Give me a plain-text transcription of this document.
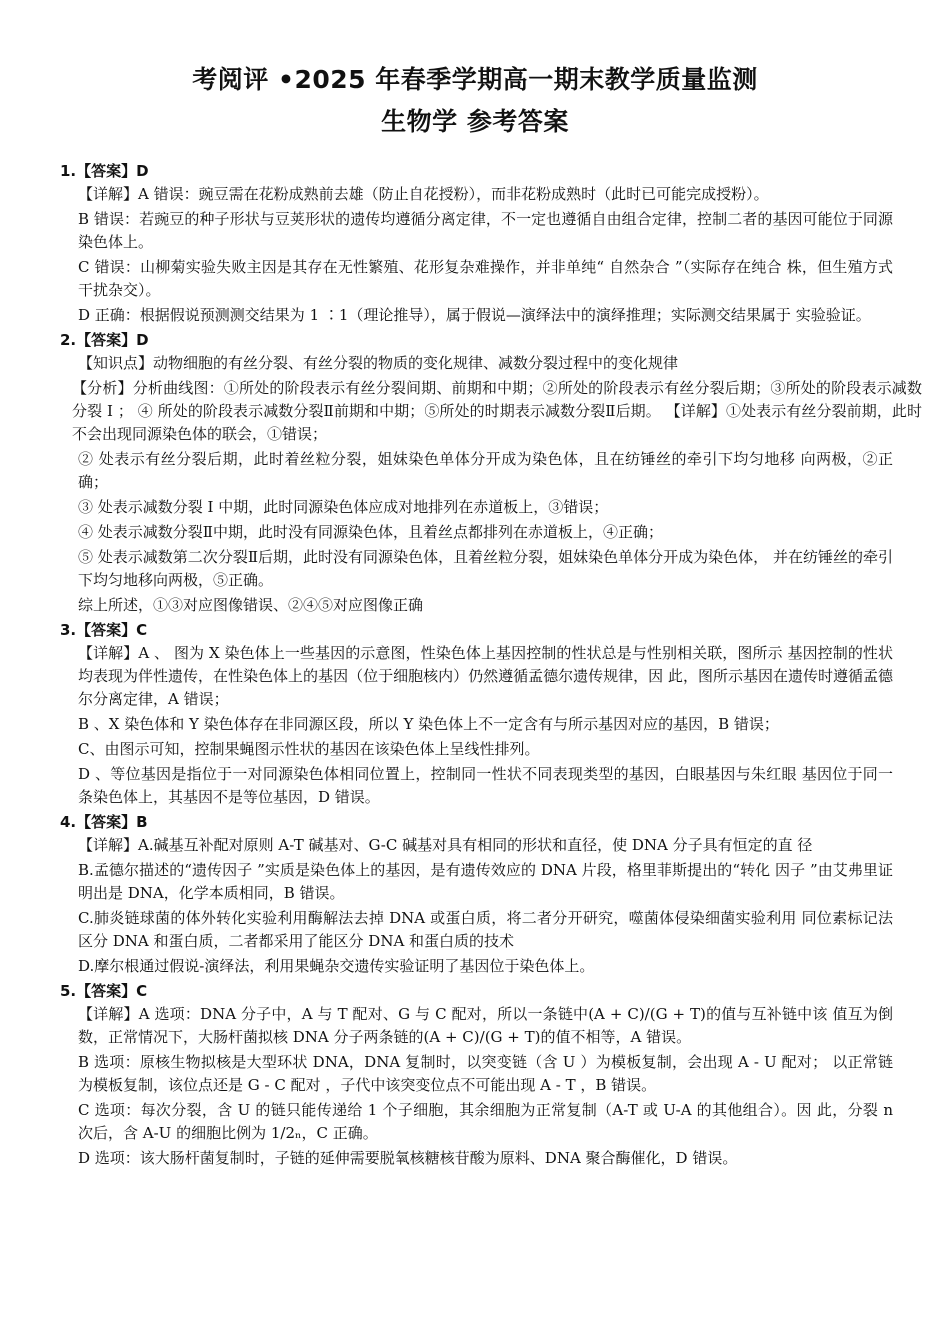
考阅评 •2025 年春季学期高一期末教学质量监测
生物学 参考答案
1.【答案】D

【详解】A 错误：豌豆需在花粉成熟前去雄（防止自花授粉），而非花粉成熟时（此时已可能完成授粉）。

B 错误：若豌豆的种子形状与豆荚形状的遗传均遵循分离定律，不一定也遵循自由组合定律，控制二者的基因可能位于同源染色体上。

C 错误：山柳菊实验失败主因是其存在无性繁殖、花形复杂难操作，并非单纯“ 自然杂合 ”（实际存在纯合 株，但生殖方式干扰杂交）。

D 正确：根据假说预测测交结果为 1 ∶1（理论推导），属于假说—演绎法中的演绎推理；实际测交结果属于 实验验证。

2.【答案】D

【知识点】动物细胞的有丝分裂、有丝分裂的物质的变化规律、减数分裂过程中的变化规律

【分析】分析曲线图：①所处的阶段表示有丝分裂间期、前期和中期；②所处的阶段表示有丝分裂后期；③所处的阶段表示减数分裂 Ⅰ ； ④ 所处的阶段表示减数分裂Ⅱ前期和中期；⑤所处的时期表示减数分裂Ⅱ后期。 【详解】①处表示有丝分裂前期，此时不会出现同源染色体的联会，①错误；

② 处表示有丝分裂后期，此时着丝粒分裂，姐妹染色单体分开成为染色体，且在纺锤丝的牵引下均匀地移 向两极，②正确；

③ 处表示减数分裂 Ⅰ 中期，此时同源染色体应成对地排列在赤道板上，③错误；

④ 处表示减数分裂Ⅱ中期，此时没有同源染色体，且着丝点都排列在赤道板上，④正确；

⑤ 处表示减数第二次分裂Ⅱ后期，此时没有同源染色体，且着丝粒分裂，姐妹染色单体分开成为染色体， 并在纺锤丝的牵引下均匀地移向两极，⑤正确。

综上所述，①③对应图像错误、②④⑤对应图像正确

3.【答案】C

【详解】A 、 图为 X 染色体上一些基因的示意图，性染色体上基因控制的性状总是与性别相关联，图所示 基因控制的性状均表现为伴性遗传，在性染色体上的基因（位于细胞核内）仍然遵循孟德尔遗传规律，因 此，图所示基因在遗传时遵循孟德尔分离定律，A 错误；

B 、X 染色体和 Y 染色体存在非同源区段，所以 Y 染色体上不一定含有与所示基因对应的基因，B 错误；

C、由图示可知，控制果蝇图示性状的基因在该染色体上呈线性排列。

D 、等位基因是指位于一对同源染色体相同位置上，控制同一性状不同表现类型的基因，白眼基因与朱红眼 基因位于同一条染色体上，其基因不是等位基因，D 错误。

4.【答案】B

【详解】A.碱基互补配对原则 A-T 碱基对、G-C 碱基对具有相同的形状和直径，使 DNA 分子具有恒定的直 径

B.孟德尔描述的“遗传因子 ”实质是染色体上的基因，是有遗传效应的 DNA 片段，格里菲斯提出的“转化 因子 ”由艾弗里证明出是 DNA，化学本质相同，B 错误。

C.肺炎链球菌的体外转化实验利用酶解法去掉 DNA 或蛋白质，将二者分开研究，噬菌体侵染细菌实验利用 同位素标记法区分 DNA 和蛋白质，二者都采用了能区分 DNA 和蛋白质的技术

D.摩尔根通过假说-演绎法，利用果蝇杂交遗传实验证明了基因位于染色体上。

5.【答案】C

【详解】A 选项：DNA 分子中，A 与 T 配对、G 与 C 配对，所以一条链中(A + C)/(G + T)的值与互补链中该 值互为倒数，正常情况下，大肠杆菌拟核 DNA 分子两条链的(A + C)/(G + T)的值不相等，A 错误。

B 选项：原核生物拟核是大型环状 DNA，DNA 复制时，以突变链（含 U ）为模板复制，会出现 A - U 配对； 以正常链为模板复制，该位点还是 G - C 配对 ，子代中该突变位点不可能出现 A - T ，B 错误。

C 选项：每次分裂，含 U 的链只能传递给 1 个子细胞，其余细胞为正常复制（A-T 或 U-A 的其他组合）。因 此，分裂 n 次后，含 A-U 的细胞比例为 1/2ₙ，C 正确。

D 选项：该大肠杆菌复制时，子链的延伸需要脱氧核糖核苷酸为原料、DNA 聚合酶催化，D 错误。
